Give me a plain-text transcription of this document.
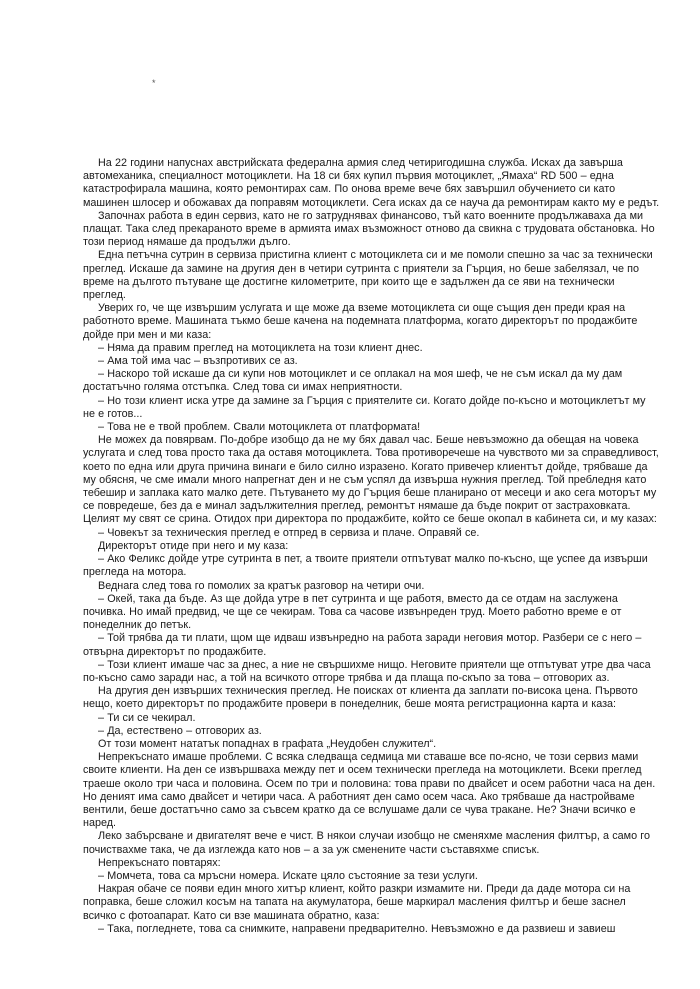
*

На 22 години напуснах австрийската федерална армия след четиригодишна служба. Искаx да завърша автомеханика, специалност мотоциклети. На 18 си бях купил първия мотоциклет, „Ямаха“ RD 500 – една катастрофирала машина, която ремонтирах сам. По онова време вече бях завършил обучението си като машинен шлосер и обожавах да поправям мотоциклети. Сега исках да се науча да ремонтирам както му е редът.

Започнах работа в един сервиз, като не го затруднявах финансово, тъй като военните продължаваха да ми плащат. Така след прекараното време в армията имах възможност отново да свикна с трудовата обстановка. Но този период нямаше да продължи дълго.

Една петъчна сутрин в сервиза пристигна клиент с мотоциклета си и ме помоли спешно за час за технически преглед. Искаше да замине на другия ден в четири сутринта с приятели за Гърция, но беше забелязал, че по време на дългото пътуване ще достигне километрите, при които ще е задължен да се яви на технически преглед.

Уверих го, че ще извършим услугата и ще може да вземе мотоциклета си още същия ден преди края на работното време. Машината тъкмо беше качена на подемната платформа, когато директорът по продажбите дойде при мен и ми каза:

– Няма да правим преглед на мотоциклета на този клиент днес.

– Ама той има час – възпротивих се аз.

– Наскоро той искаше да си купи нов мотоциклет и се оплакал на моя шеф, че не съм искал да му дам достатъчно голяма отстъпка. След това си имах неприятности.

– Но този клиент иска утре да замине за Гърция с приятелите си. Когато дойде по-късно и мотоциклетът му не е готов...

– Това не е твой проблем. Свали мотоциклета от платформата!

Не можех да повярвам. По-добре изобщо да не му бях давал час. Беше невъзможно да обещая на човека услугата и след това просто така да оставя мотоциклета. Това противоречеше на чувството ми за справедливост, което по една или друга причина винаги е било силно изразено. Когато привечер клиентът дойде, трябваше да му обясня, че сме имали много напрегнат ден и не съм успял да извърша нужния преглед. Той пребледня като тебешир и заплака като малко дете. Пътуването му до Гърция беше планирано от месеци и ако сега моторът му се повредеше, без да е минал задължителния преглед, ремонтът нямаше да бъде покрит от застраховката. Целият му свят се срина. Отидох при директора по продажбите, който се беше окопал в кабинета си, и му казах:

– Човекът за техническия преглед е отпред в сервиза и плаче. Оправяй се.

Директорът отиде при него и му каза:

– Ако Феликс дойде утре сутринта в пет, а твоите приятели отпътуват малко по-късно, ще успее да извърши прегледа на мотора.

Веднага след това го помолих за кратък разговор на четири очи.

– Окей, така да бъде. Аз ще дойда утре в пет сутринта и ще работя, вместо да се отдам на заслужена почивка. Но имай предвид, че ще се чекирам. Това са часове извънреден труд. Моето работно време е от понеделник до петък.

– Той трябва да ти плати, щом ще идваш извънредно на работа заради неговия мотор. Разбери се с него – отвърна директорът по продажбите.

– Този клиент имаше час за днес, а ние не свършихме нищо. Неговите приятели ще отпътуват утре два часа по-късно само заради нас, а той на всичкото отгоре трябва и да плаща по-скъпо за това – отговорих аз.

На другия ден извърших техническия преглед. Не поисках от клиента да заплати по-висока цена. Първото нещо, което директорът по продажбите провери в понеделник, беше моята регистрационна карта и каза:

– Ти си се чекирал.

– Да, естествено – отговорих аз.

От този момент нататък попаднах в графата „Неудобен служител“.

Непрекъснато имаше проблеми. С всяка следваща седмица ми ставаше все по-ясно, че този сервиз мами своите клиенти. На ден се извършваха между пет и осем технически прегледа на мотоциклети. Всеки преглед траеше около три часа и половина. Осем по три и половина: това прави по двайсет и осем работни часа на ден. Но деният има само двайсет и четири часа. А работният ден само осем часа. Ако трябваше да настройваме вентили, беше достатъчно само за съвсем кратко да се вслушаме дали се чува тракане. Не? Значи всичко е наред.

Леко забърсване и двигателят вече е чист. В някои случаи изобщо не сменяхме масления филтър, а само го почиствахме така, че да изглежда като нов – а за уж сменените части съставяхме списък.

Непрекъснато повтарях:

– Момчета, това са мръсни номера. Искате цяло състояние за тези услуги.

Накрая обаче се появи един много хитър клиент, който разкри измамите ни. Преди да даде мотора си на поправка, беше сложил косъм на тапата на акумулатора, беше маркирал масления филтър и беше заснел всичко с фотоапарат. Като си взе машината обратно, каза:

– Така, погледнете, това са снимките, направени предварително. Невъзможно е да развиеш и завиеш
